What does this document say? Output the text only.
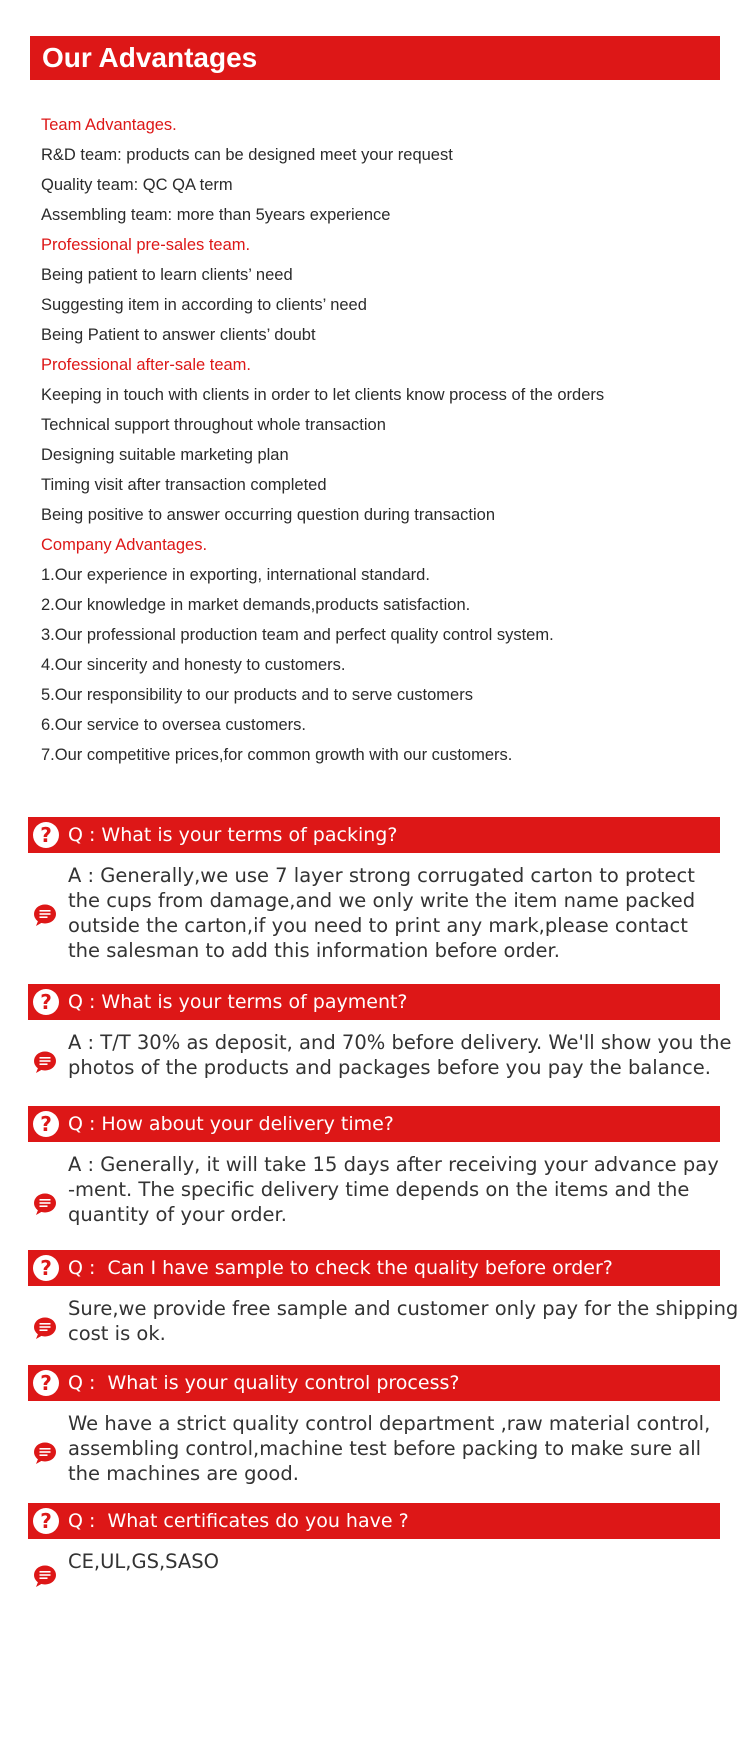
Our Advantages
Team Advantages.
R&D team: products can be designed meet your request
Quality team: QC QA term
Assembling team: more than 5years experience
Professional pre-sales team.
Being patient to learn clients’ need
Suggesting item in according to clients’ need
Being Patient to answer clients’ doubt
Professional after-sale team.
Keeping in touch with clients in order to let clients know process of the orders
Technical support throughout whole transaction
Designing suitable marketing plan
Timing visit after transaction completed
Being positive to answer occurring question during transaction
Company Advantages.
1.Our experience in exporting, international standard.
2.Our knowledge in market demands,products satisfaction.
3.Our professional production team and perfect quality control system.
4.Our sincerity and honesty to customers.
5.Our responsibility to our products and to serve customers
6.Our service to oversea customers.
7.Our competitive prices,for common growth with our customers.
? Q : What is your terms of packing?
A : Generally,we use 7 layer strong corrugated carton to protect
the cups from damage,and we only write the item name packed
outside the carton,if you need to print any mark,please contact
the salesman to add this information before order.
? Q : What is your terms of payment?
A : T/T 30% as deposit, and 70% before delivery. We'll show you the
photos of the products and packages before you pay the balance.
? Q : How about your delivery time?
A : Generally, it will take 15 days after receiving your advance pay
-ment. The specific delivery time depends on the items and the
quantity of your order.
? Q :  Can I have sample to check the quality before order?
Sure,we provide free sample and customer only pay for the shipping
cost is ok.
? Q :  What is your quality control process?
We have a strict quality control department ,raw material control,
assembling control,machine test before packing to make sure all
the machines are good.
? Q :  What certificates do you have ?
CE,UL,GS,SASO
